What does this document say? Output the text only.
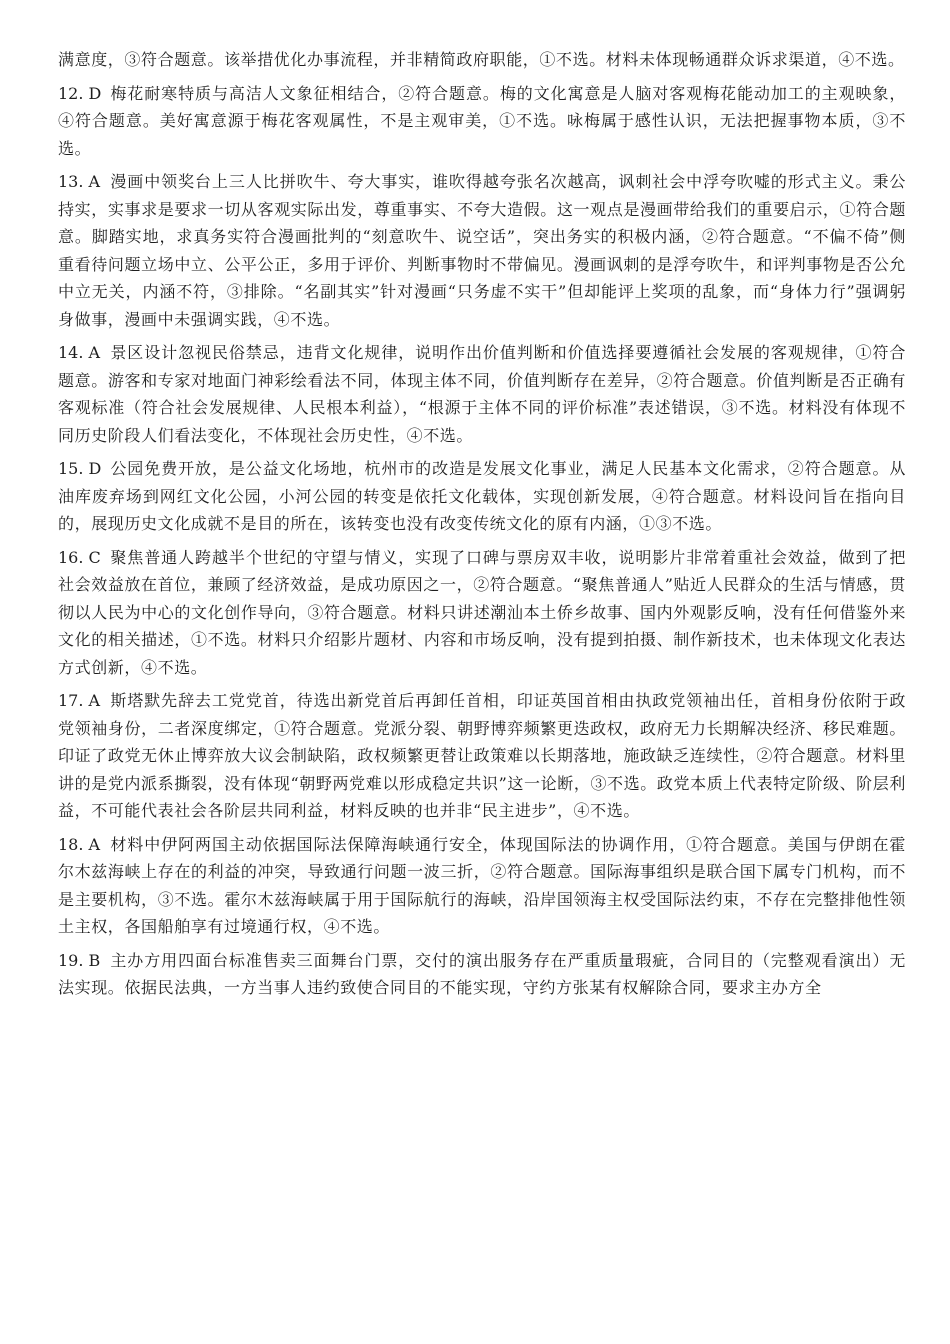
满意度，③符合题意。该举措优化办事流程，并非精简政府职能，①不选。材料未体现畅通群众诉求渠道，④不选。

12. D 梅花耐寒特质与高洁人文象征相结合，②符合题意。梅的文化寓意是人脑对客观梅花能动加工的主观映象，④符合题意。美好寓意源于梅花客观属性，不是主观审美，①不选。咏梅属于感性认识，无法把握事物本质，③不选。

13. A 漫画中领奖台上三人比拼吹牛、夸大事实，谁吹得越夸张名次越高，讽刺社会中浮夸吹嘘的形式主义。秉公持实，实事求是要求一切从客观实际出发，尊重事实、不夸大造假。这一观点是漫画带给我们的重要启示，①符合题意。脚踏实地，求真务实符合漫画批判的“刻意吹牛、说空话”，突出务实的积极内涵，②符合题意。“不偏不倚”侧重看待问题立场中立、公平公正，多用于评价、判断事物时不带偏见。漫画讽刺的是浮夸吹牛，和评判事物是否公允中立无关，内涵不符，③排除。“名副其实”针对漫画“只务虚不实干”但却能评上奖项的乱象，而“身体力行”强调躬身做事，漫画中未强调实践，④不选。

14. A 景区设计忽视民俗禁忌，违背文化规律，说明作出价值判断和价值选择要遵循社会发展的客观规律，①符合题意。游客和专家对地面门神彩绘看法不同，体现主体不同，价值判断存在差异，②符合题意。价值判断是否正确有客观标准（符合社会发展规律、人民根本利益），“根源于主体不同的评价标准”表述错误，③不选。材料没有体现不同历史阶段人们看法变化，不体现社会历史性，④不选。

15. D 公园免费开放，是公益文化场地，杭州市的改造是发展文化事业，满足人民基本文化需求，②符合题意。从油库废弃场到网红文化公园，小河公园的转变是依托文化载体，实现创新发展，④符合题意。材料设问旨在指向目的，展现历史文化成就不是目的所在，该转变也没有改变传统文化的原有内涵，①③不选。

16. C 聚焦普通人跨越半个世纪的守望与情义，实现了口碑与票房双丰收，说明影片非常着重社会效益，做到了把社会效益放在首位，兼顾了经济效益，是成功原因之一，②符合题意。“聚焦普通人”贴近人民群众的生活与情感，贯彻以人民为中心的文化创作导向，③符合题意。材料只讲述潮汕本土侨乡故事、国内外观影反响，没有任何借鉴外来文化的相关描述，①不选。材料只介绍影片题材、内容和市场反响，没有提到拍摄、制作新技术，也未体现文化表达方式创新，④不选。

17. A 斯塔默先辞去工党党首，待选出新党首后再卸任首相，印证英国首相由执政党领袖出任，首相身份依附于政党领袖身份，二者深度绑定，①符合题意。党派分裂、朝野博弈频繁更迭政权，政府无力长期解决经济、移民难题。印证了政党无休止博弈放大议会制缺陷，政权频繁更替让政策难以长期落地，施政缺乏连续性，②符合题意。材料里讲的是党内派系撕裂，没有体现“朝野两党难以形成稳定共识”这一论断，③不选。政党本质上代表特定阶级、阶层利益，不可能代表社会各阶层共同利益，材料反映的也并非“民主进步”，④不选。

18. A 材料中伊阿两国主动依据国际法保障海峡通行安全，体现国际法的协调作用，①符合题意。美国与伊朗在霍尔木兹海峡上存在的利益的冲突，导致通行问题一波三折，②符合题意。国际海事组织是联合国下属专门机构，而不是主要机构，③不选。霍尔木兹海峡属于用于国际航行的海峡，沿岸国领海主权受国际法约束，不存在完整排他性领土主权，各国船舶享有过境通行权，④不选。

19. B 主办方用四面台标准售卖三面舞台门票，交付的演出服务存在严重质量瑕疵，合同目的（完整观看演出）无法实现。依据民法典，一方当事人违约致使合同目的不能实现，守约方张某有权解除合同，要求主办方全
